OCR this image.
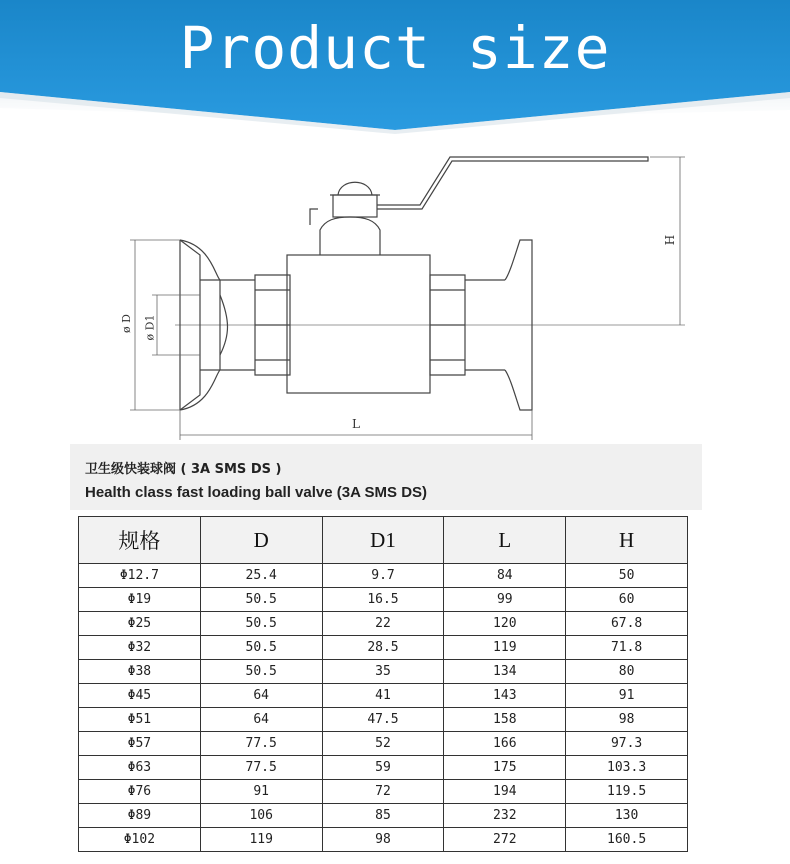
Product size
ø D ø D1
L
H
卫生级快装球阀 ( 3A SMS DS )
Health class fast loading ball valve (3A SMS DS)
规格	D	D1	L	H
Φ12.7	25.4	9.7	84	50
Φ19	50.5	16.5	99	60
Φ25	50.5	22	120	67.8
Φ32	50.5	28.5	119	71.8
Φ38	50.5	35	134	80
Φ45	64	41	143	91
Φ51	64	47.5	158	98
Φ57	77.5	52	166	97.3
Φ63	77.5	59	175	103.3
Φ76	91	72	194	119.5
Φ89	106	85	232	130
Φ102	119	98	272	160.5
